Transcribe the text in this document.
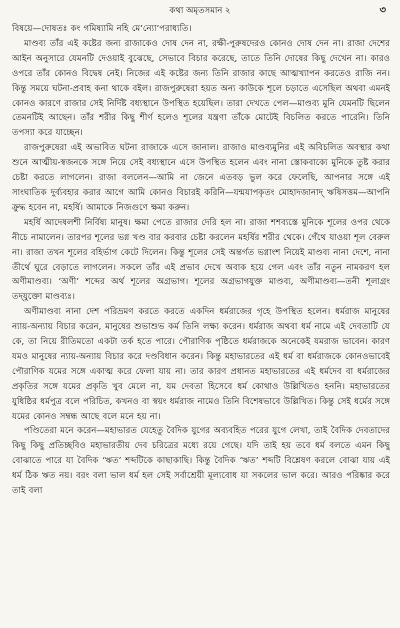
কথা অমৃতসমান ২	৩

বিষয়ে—দোষতঃ কং গমিষ্যামি নহি মে’ন্যো’পরাধ্যতি।

মাণ্ডব্য তাঁর এই কষ্টের জন্য রাজাকেও দোষ দেন না, রক্ষী-পুরুষদেরও কোনও দোষ দেন না। রাজা দেশের আইন অনুসারে যেমনটি দেওয়াই বুঝেছে, সেভাবে বিচার করেছে, তাতে তিনি দোষের কিছু দেখেন না। কারও ওপরে তাঁর কোনও বিদ্বেষ নেই। নিজের এই কষ্টের জন্য তিনি রাজার কাছে আত্মখ্যাপন করতেও রাজি নন। কিন্তু সময়ে ঘটনা-প্রবাহ কনা থাকে বইল। রাজপুরুষেরা হয়ত অন্য কাউকে শূলে চড়াতে এসেছিল অথবা এমনই কোনও কারণে রাজার সেই নির্দিষ্ট বধ্যস্থানে উপস্থিত হয়েছিল। তারা দেখতে পেল—মাণ্ডব্য মুনি যেমনটি ছিলেন তেমনটিই আছেন। তাঁর শরীর কিছু শীর্ণ হলেও শূলের যন্ত্রণা তাঁকে মোটেই বিচলিত করতে পারেনি। তিনি তপস্যা করে যাচ্ছেন।

রাজপুরুষেরা এই অভাবিত ঘটনা রাজাকে এসে জানাল। রাজাও মাণ্ডব্যমুনির এই অবিচলিত অবস্থার কথা শুনে আত্মীয়-স্বজনকে সঙ্গে নিয়ে সেই বধ্যস্থানে এসে উপস্থিত হলেন এবং নানা স্তোকবাক্যে মুনিকে তুষ্ট করার চেষ্টা করতে লাগলেন। রাজা বললেন—আমি না জেনে এতবড় ভুল করে ফেলেছি, আপনার সঙ্গে এই সাংঘাতিক দুর্ব্যবহার করার আগে আমি কোনও বিচারই করিনি—যন্মযাপকৃতং মোহাদজানাদ্ ঋষিসত্তম—আপনি ক্রুদ্ধ হবেন না, মহর্ষি। আমাকে নিজগুণে ক্ষমা করুন।

মহর্ষি আদেষলশী নির্বিষ্য মানুষ। ক্ষমা পেতে রাজার দেরি হল না। রাজা শশব্যস্তে মুনিকে শূলের ওপর থেকে নীচে নামালেন। তারপর শূলের ভগ্ন খণ্ড বার করবার চেষ্টা করলেন মহর্ষির শরীর থেকে। গেঁথে যাওয়া শূল বেরুল না। রাজা তখন শূলের বহির্ভাগ কেটে দিলেন। কিন্তু শূলের সেই অন্তর্গত ভগ্নাংশ নিয়েই মাণ্ডব্য নানা দেশে, নানা তীর্থে ঘুরে বেড়াতে লাগলেন। সকলে তাঁর এই প্রভাব দেখে অবাক হয়ে গেল এবং তাঁর নতুন নামকরণ হল অণীমাণ্ডব্য। ‘অণী’ শব্দের অর্থ শূলের অগ্রভাগ। শূলের অগ্রভাগযুক্ত মাণ্ডব্য, অণীমাণ্ডব্য—তনী শূলাগ্রং তদ্‌যুক্তো মাণ্ডব্যঃ।

অণীমাণ্ডব্য নানা দেশ পরিভ্রমণ করতে করতে একদিন ধর্মরাজের গৃহে উপস্থিত হলেন। ধর্মরাজ মানুষের ন্যায়-অন্যায় বিচার করেন, মানুষের শুভাশুভ কর্ম তিনি লক্ষ্য করেন। ধর্মরাজ অথবা ধর্ম নামে এই দেবতাটি যে কে, তা নিয়ে রীতিমতো একটা তর্ক হতে পারে। পৌরাণিক পৃষ্ঠিতে ধর্মরাজকে অনেকেই যমরাজ ভাবেন। কারণ যমও মানুষের ন্যায়-অন্যায় বিচার করে দণ্ডবিধান করেন। কিন্তু মহাভারতের এই ধর্ম বা ধর্মরাজকে কোনওভাবেই পৌরাণিক যমের সঙ্গে একাত্ম করে ফেলা যায় না। তার কারণ প্রধানত মহাভারতের এই ধর্মদেব বা ধর্মরাজের প্রকৃতির সঙ্গে যমের প্রকৃতি খুব মেলে না, যম দেবতা হিসেবে ধর্ম কোথাও উল্লিখিতও হননি। মহাভারতের যুধিষ্ঠির ধর্মপুত্র বলে পরিচিত, কখনও বা স্বয়ং ধর্মরাজ নামেও তিনি বিশেষভাবে উল্লিখিত। কিন্তু সেই ধর্মের সঙ্গে যমের কোনও সম্বন্ধ আছে বলে মনে হয় না।

পণ্ডিতেরা মনে করেন—মহাভারত যেহেতু বৈদিক যুগের অব্যবহিত পরের যুগে লেখা, তাই বৈদিক দেবতাদের কিছু কিছু প্রতিচ্ছবিও মহাভারতীয় দেব চরিত্রের মধ্যে রয়ে গেছে। যদি তাই হয় তবে ধর্ম বলতে এমন কিছু বোঝাতে পারে যা বৈদিক ‘ঋত’ শব্দটিকে কাছাকাছি। কিন্তু বৈদিক ‘ঋত’ শব্দটি বিশ্লেষণ করলে বোঝা যায় এই ধর্ম ঠিক ঋত নয়। বরং বলা ভাল ধর্ম হল সেই সর্বাশ্রেয়ী মূল্যবোধ যা সকলের ভাল করে। আরও পরিষ্কার করে তাই বলা
